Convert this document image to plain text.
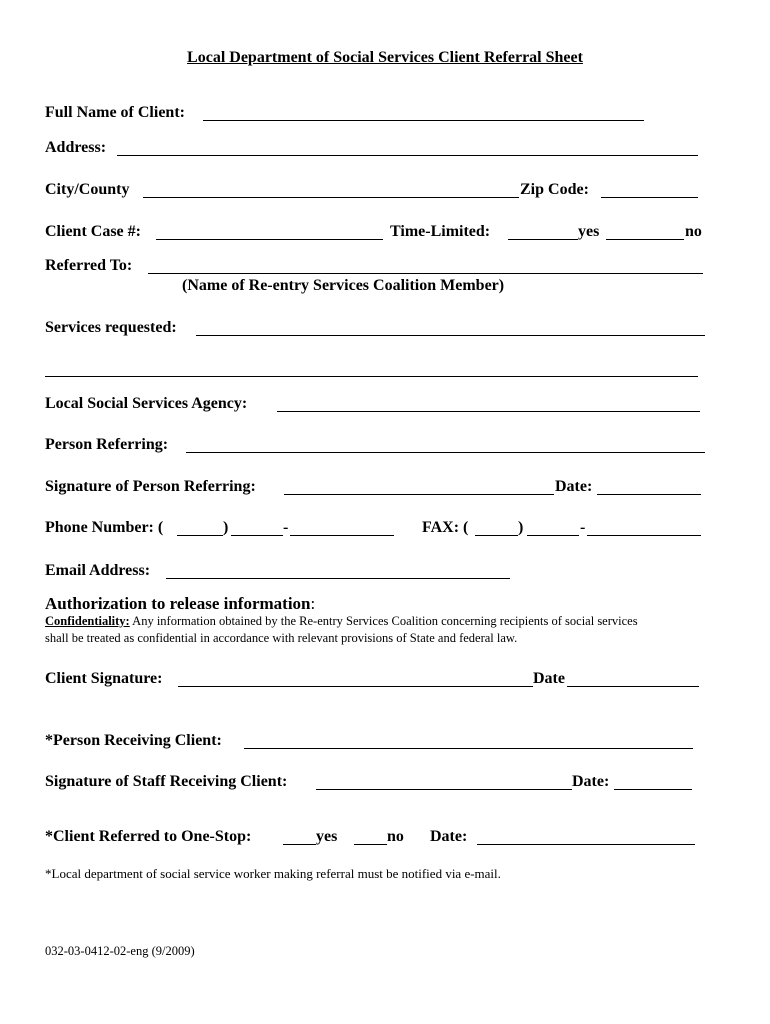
Local Department of Social Services Client Referral Sheet
Full Name of Client:
Address:
City/County	Zip Code:
Client Case #:	Time-Limited:	yes	no
Referred To:
(Name of Re-entry Services Coalition Member)
Services requested:
Local Social Services Agency:
Person Referring:
Signature of Person Referring:	Date:
Phone Number: (	)	-	FAX: (	)	-
Email Address:
Authorization to release information:
Confidentiality: Any information obtained by the Re-entry Services Coalition concerning recipients of social services
shall be treated as confidential in accordance with relevant provisions of State and federal law.
Client Signature:	Date
*Person Receiving Client:
Signature of Staff Receiving Client:	Date:
*Client Referred to One-Stop:	yes	no Date:
*Local department of social service worker making referral must be notified via e-mail.
032-03-0412-02-eng (9/2009)
